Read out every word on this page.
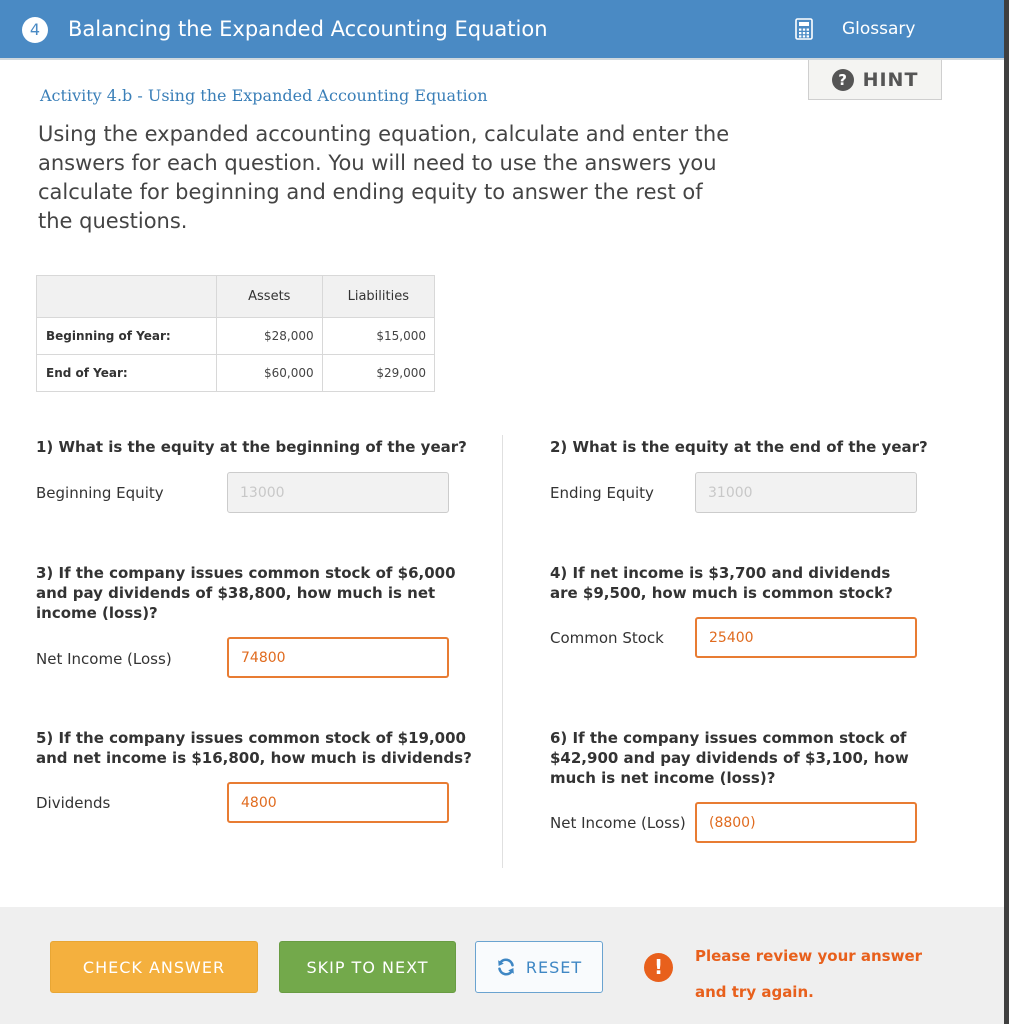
4	Balancing the Expanded Accounting Equation	Glossary
? HINT
Activity 4.b - Using the Expanded Accounting Equation
Using the expanded accounting equation, calculate and enter the answers for each question. You will need to use the answers you calculate for beginning and ending equity to answer the rest of the questions.
	Assets	Liabilities
Beginning of Year:	$28,000	$15,000
End of Year:	$60,000	$29,000
1) What is the equity at the beginning of the year?
Beginning Equity
13000
2) What is the equity at the end of the year?
Ending Equity
31000
3) If the company issues common stock of $6,000 and pay dividends of $38,800, how much is net income (loss)?
Net Income (Loss)
74800
4) If net income is $3,700 and dividends are $9,500, how much is common stock?
Common Stock
25400
5) If the company issues common stock of $19,000 and net income is $16,800, how much is dividends?
Dividends
4800
6) If the company issues common stock of $42,900 and pay dividends of $3,100, how much is net income (loss)?
Net Income (Loss)
(8800)
CHECK ANSWER	SKIP TO NEXT	RESET	!	Please review your answer and try again.
